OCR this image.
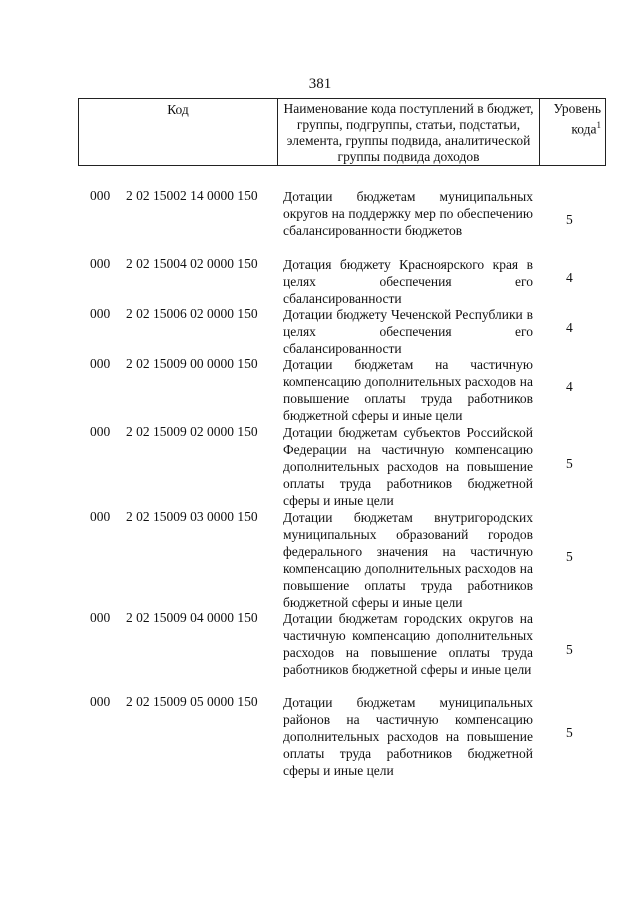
381
Код	Наименование кода поступлений в бюджет, группы, подгруппы, статьи, подстатьи, элемента, группы подвида, аналитической группы подвида доходов
Уровень кода$^1$
000 2 02 15002 14 0000 150 Дотации бюджетам муниципальных округов на поддержку мер по обеспечению сбалансированности бюджетов
5
000 2 02 15004 02 0000 150 Дотация бюджету Красноярского края в целях обеспечения его сбалансированности
4
000 2 02 15006 02 0000 150 Дотации бюджету Чеченской Республики в целях обеспечения его сбалансированности
4
000 2 02 15009 00 0000 150 Дотации бюджетам на частичную компенсацию дополнительных расходов на повышение оплаты труда работников бюджетной сферы и иные цели
4
000 2 02 15009 02 0000 150 Дотации бюджетам субъектов Российской Федерации на частичную компенсацию дополнительных расходов на повышение оплаты труда работников бюджетной сферы и иные цели
5
000 2 02 15009 03 0000 150 Дотации бюджетам внутригородских муниципальных образований городов федерального значения на частичную компенсацию дополнительных расходов на повышение оплаты труда работников бюджетной сферы и иные цели
5
000 2 02 15009 04 0000 150 Дотации бюджетам городских округов на частичную компенсацию дополнительных расходов на повышение оплаты труда работников бюджетной сферы и иные цели
5
000 2 02 15009 05 0000 150 Дотации бюджетам муниципальных районов на частичную компенсацию дополнительных расходов на повышение оплаты труда работников бюджетной сферы и иные цели
5
